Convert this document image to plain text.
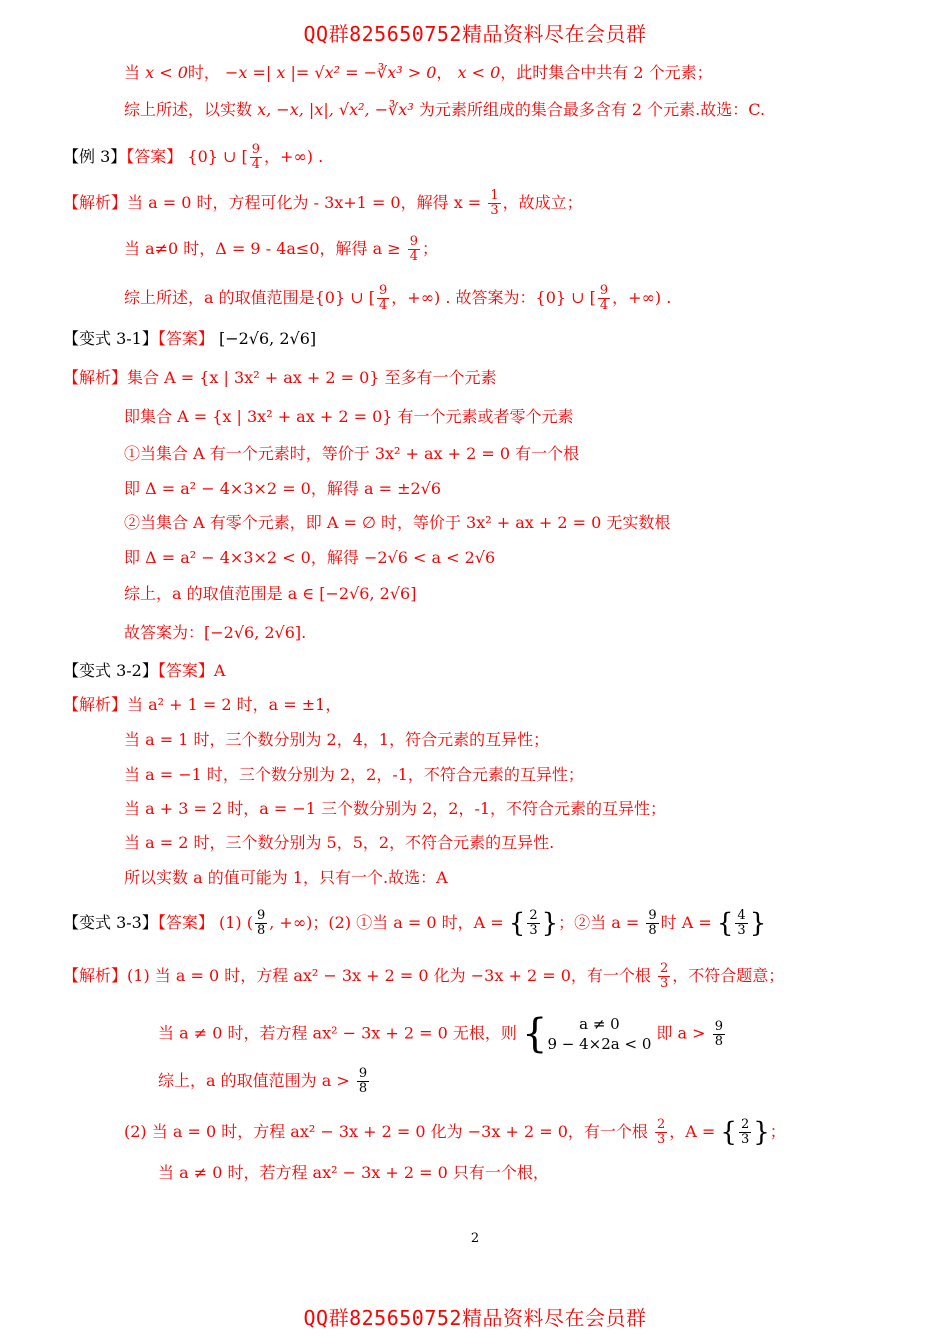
QQ群825650752精品资料尽在会员群
当 x < 0时， −x =| x |= √x² = −∛x³ > 0， x < 0，此时集合中共有 2 个元素；
综上所述，以实数 x, −x, |x|, √x², −∛x³ 为元素所组成的集合最多含有 2 个元素.故选：C.
【例 3】【答案】 {0} ∪ [ $\frac{9}{4}$ ，+∞) .
【解析】当 a = 0 时，方程可化为 - 3x+1 = 0，解得 $x = \frac{1}{3}$ ，故成立；
当 a≠0 时，Δ = 9 - 4a≤0，解得 $a \ge \frac{9}{4}$ ；
综上所述，a 的取值范围是{0} ∪ [ $\frac{9}{4}$ ，+∞) . 故答案为：{0} ∪ [ $\frac{9}{4}$ ，+∞) .
【变式 3-1】【答案】 [−2√6, 2√6]
【解析】集合 A = {x | 3x² + ax + 2 = 0} 至多有一个元素
即集合 A = {x | 3x² + ax + 2 = 0} 有一个元素或者零个元素
①当集合 A 有一个元素时，等价于 3x² + ax + 2 = 0 有一个根
即 Δ = a² − 4×3×2 = 0，解得 a = ±2√6
②当集合 A 有零个元素，即 A = ∅ 时，等价于 3x² + ax + 2 = 0 无实数根
即 Δ = a² − 4×3×2 < 0，解得 −2√6 < a < 2√6
综上，a 的取值范围是 a ∈ [−2√6, 2√6]
故答案为：[−2√6, 2√6].
【变式 3-2】【答案】A
【解析】当 a² + 1 = 2 时，a = ±1，
当 a = 1 时，三个数分别为 2，4，1，符合元素的互异性；
当 a = −1 时，三个数分别为 2，2，-1，不符合元素的互异性；
当 a + 3 = 2 时，a = −1 三个数分别为 2，2，-1，不符合元素的互异性；
当 a = 2 时，三个数分别为 5，5，2，不符合元素的互异性.
所以实数 a 的值可能为 1，只有一个.故选：A
【变式 3-3】【答案】 (1) ( $\frac{9}{8}$ , +∞)；(2) ①当 a = 0 时，A = { $\frac{2}{3}$ }；②当 $a = \frac{9}{8}$ 时 A = { $\frac{4}{3}$ }
【解析】(1) 当 a = 0 时，方程 ax² − 3x + 2 = 0 化为 −3x + 2 = 0，有一个根 $\frac{2}{3}$ ，不符合题意；
当 a ≠ 0 时，若方程 ax² − 3x + 2 = 0 无根，则 {	a ≠ 0
9 − 4×2a < 0
即 $a > \frac{9}{8}$
综上，a 的取值范围为 $a > \frac{9}{8}$
(2) 当 a = 0 时，方程 ax² − 3x + 2 = 0 化为 −3x + 2 = 0，有一个根 $\frac{2}{3}$ ，A = { $\frac{2}{3}$ }；
当 a ≠ 0 时，若方程 ax² − 3x + 2 = 0 只有一个根，
2
QQ群825650752精品资料尽在会员群
